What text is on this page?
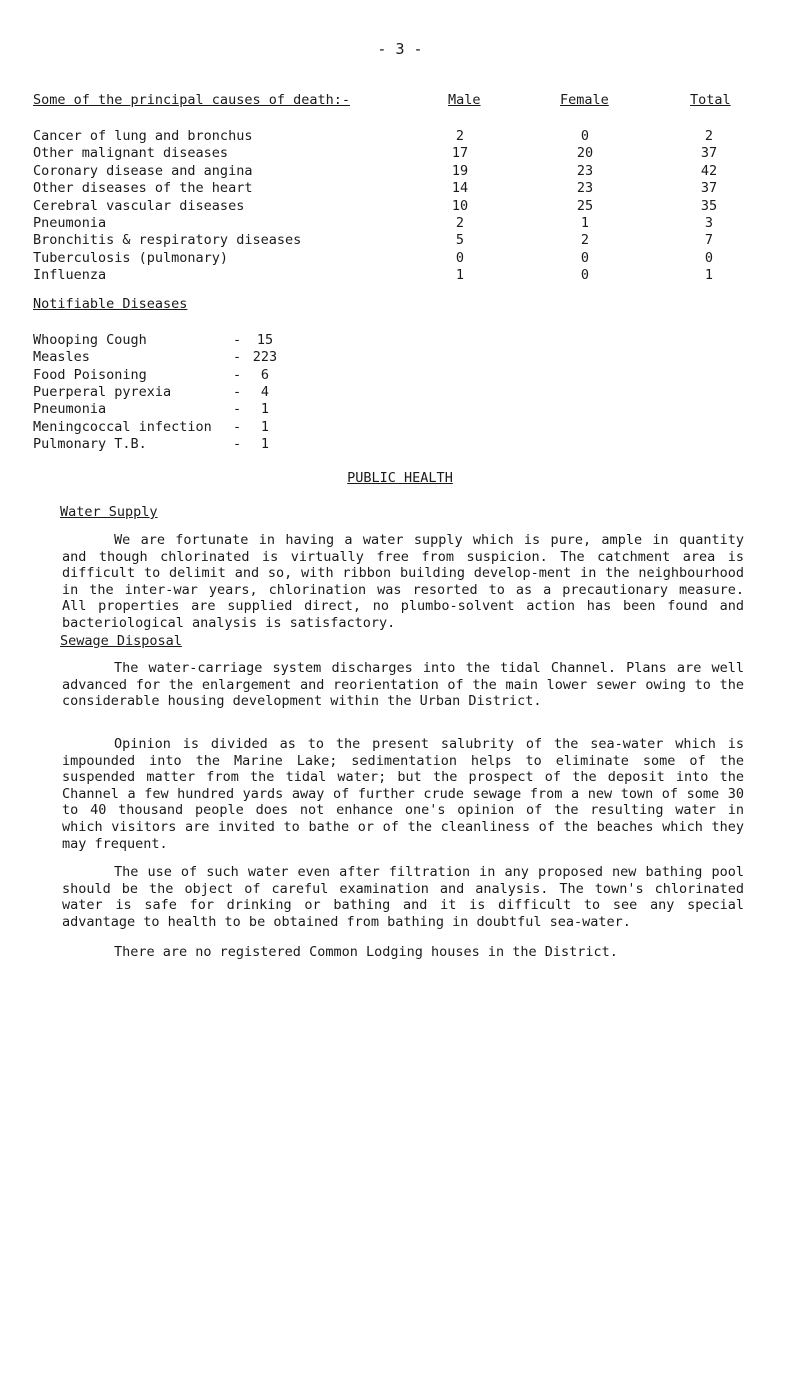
- 3 -
Some of the principal causes of death:-	Male	Female	Total
Cancer of lung and bronchus	2	0	2
Other malignant diseases	17	20	37
Coronary disease and angina	19	23	42
Other diseases of the heart	14	23	37
Cerebral vascular diseases	10	25	35
Pneumonia	2	1	3
Bronchitis & respiratory diseases	5	2	7
Tuberculosis (pulmonary)	0	0	0
Influenza	1	0	1
Notifiable Diseases
Whooping Cough	-	15
Measles	- 223
Food Poisoning	-	6
Puerperal pyrexia	-	4
Pneumonia	-	1
Meningcoccal infection -	1
Pulmonary T.B.	-	1
PUBLIC HEALTH
Water Supply

We are fortunate in having a water supply which is pure, ample in quantity and though chlorinated is virtually free from suspicion. The catchment area is difficult to delimit and so, with ribbon building develop-ment in the neighbourhood in the inter-war years, chlorination was resorted to as a precautionary measure. All properties are supplied direct, no plumbo-solvent action has been found and bacteriological analysis is satisfactory.

Sewage Disposal

The water-carriage system discharges into the tidal Channel. Plans are well advanced for the enlargement and reorientation of the main lower sewer owing to the considerable housing development within the Urban District.

Opinion is divided as to the present salubrity of the sea-water which is impounded into the Marine Lake; sedimentation helps to eliminate some of the suspended matter from the tidal water; but the prospect of the deposit into the Channel a few hundred yards away of further crude sewage from a new town of some 30 to 40 thousand people does not enhance one's opinion of the resulting water in which visitors are invited to bathe or of the cleanliness of the beaches which they may frequent.

The use of such water even after filtration in any proposed new bathing pool should be the object of careful examination and analysis. The town's chlorinated water is safe for drinking or bathing and it is difficult to see any special advantage to health to be obtained from bathing in doubtful sea-water.

There are no registered Common Lodging houses in the District.
